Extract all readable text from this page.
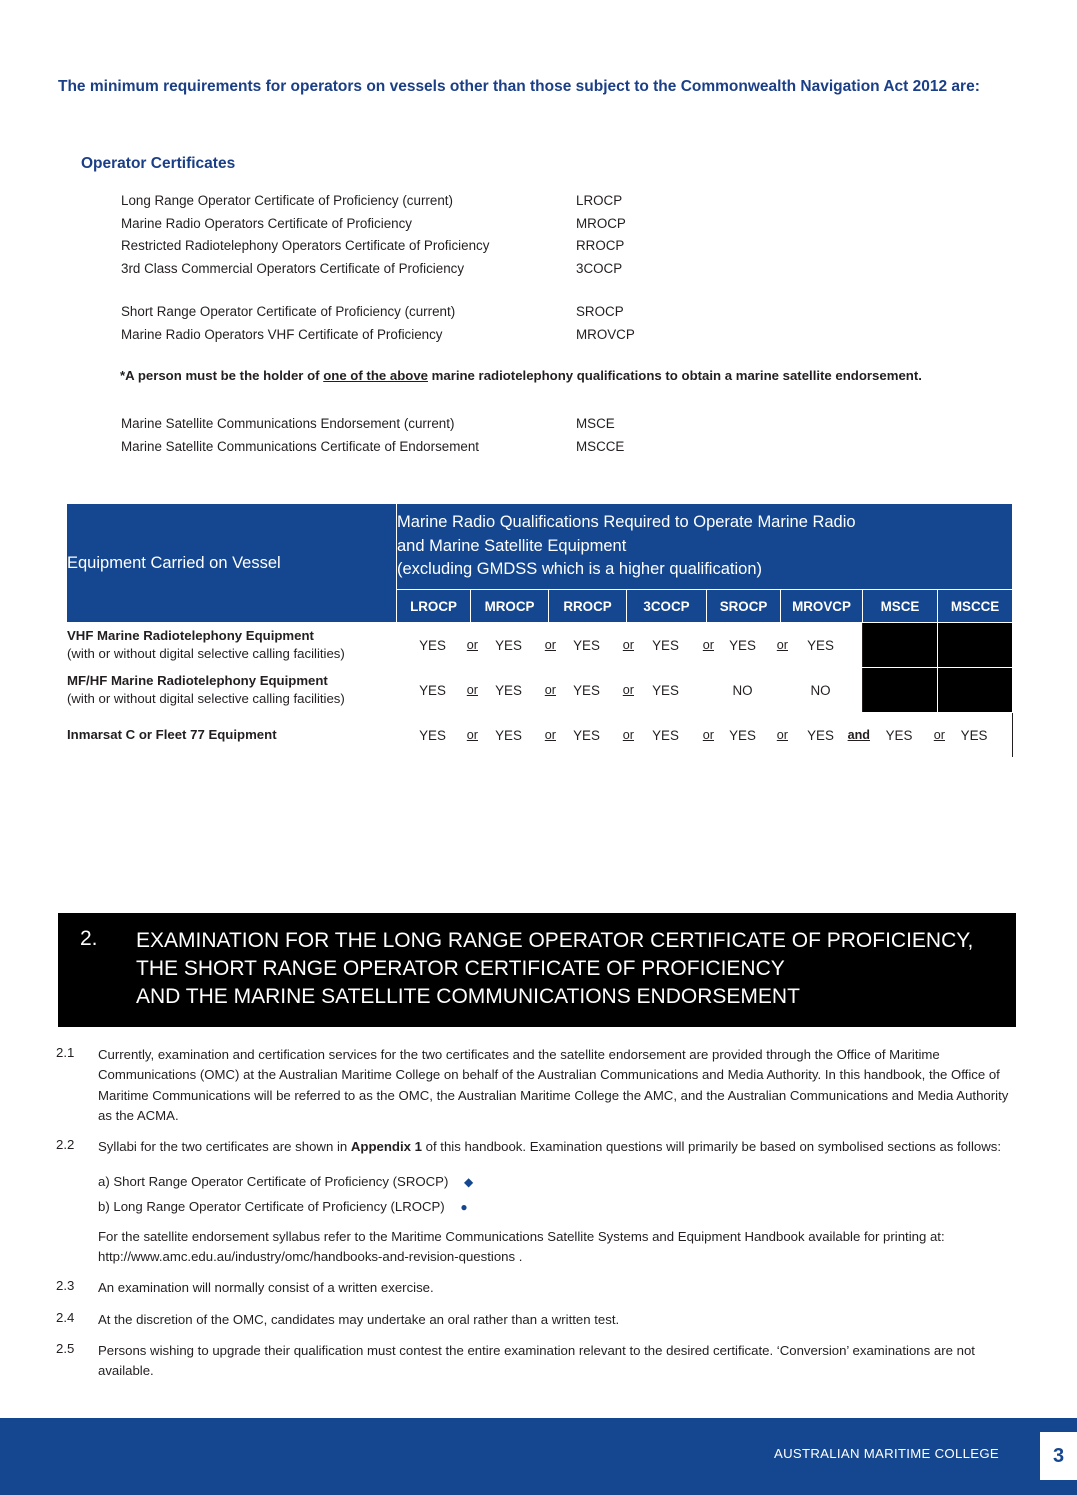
The minimum requirements for operators on vessels other than those subject to the Commonwealth Navigation Act 2012 are:
Operator Certificates
Long Range Operator Certificate of Proficiency (current)	LROCP
Marine Radio Operators Certificate of Proficiency	MROCP
Restricted Radiotelephony Operators Certificate of Proficiency	RROCP
3rd Class Commercial Operators Certificate of Proficiency	3COCP
Short Range Operator Certificate of Proficiency (current)	SROCP
Marine Radio Operators VHF Certificate of Proficiency	MROVCP
*A person must be the holder of one of the above marine radiotelephony qualifications to obtain a marine satellite endorsement.
Marine Satellite Communications Endorsement (current)	MSCE
Marine Satellite Communications Certificate of Endorsement	MSCCE
Equipment Carried on Vessel	Marine Radio Qualifications Required to Operate Marine Radio
and Marine Satellite Equipment
(excluding GMDSS which is a higher qualification)							

	LROCP	MROCP	RROCP	3COCP	SROCP	MROVCP	MSCE	MSCCE
VHF Marine Radiotelephony Equipment
(with or without digital selective calling facilities)	YES or	YES or	YES or	YES or	YES or	YES		
MF/HF Marine Radiotelephony Equipment
(with or without digital selective calling facilities)	YES or	YES or	YES or	YES	NO	NO		
Inmarsat C or Fleet 77 Equipment	YES or	YES or	YES or	YES or	YES or	YES and	YES or	YES
2.	EXAMINATION FOR THE LONG RANGE OPERATOR CERTIFICATE OF PROFICIENCY,
THE SHORT RANGE OPERATOR CERTIFICATE OF PROFICIENCY
AND THE MARINE SATELLITE COMMUNICATIONS ENDORSEMENT
2.1	Currently, examination and certification services for the two certificates and the satellite endorsement are provided through the Office of Maritime Communications (OMC) at the Australian Maritime College on behalf of the Australian Communications and Media Authority. In this handbook, the Office of Maritime Communications will be referred to as the OMC, the Australian Maritime College the AMC, and the Australian Communications and Media Authority as the ACMA.
2.2	Syllabi for the two certificates are shown in Appendix 1 of this handbook. Examination questions will primarily be based on symbolised sections as follows:
a) Short Range Operator Certificate of Proficiency (SROCP) ◆
b) Long Range Operator Certificate of Proficiency (LROCP) ●
For the satellite endorsement syllabus refer to the Maritime Communications Satellite Systems and Equipment Handbook available for printing at: http://www.amc.edu.au/industry/omc/handbooks-and-revision-questions .
2.3	An examination will normally consist of a written exercise.
2.4	At the discretion of the OMC, candidates may undertake an oral rather than a written test.
2.5	Persons wishing to upgrade their qualification must contest the entire examination relevant to the desired certificate. ‘Conversion’ examinations are not available.
AUSTRALIAN MARITIME COLLEGE	3
